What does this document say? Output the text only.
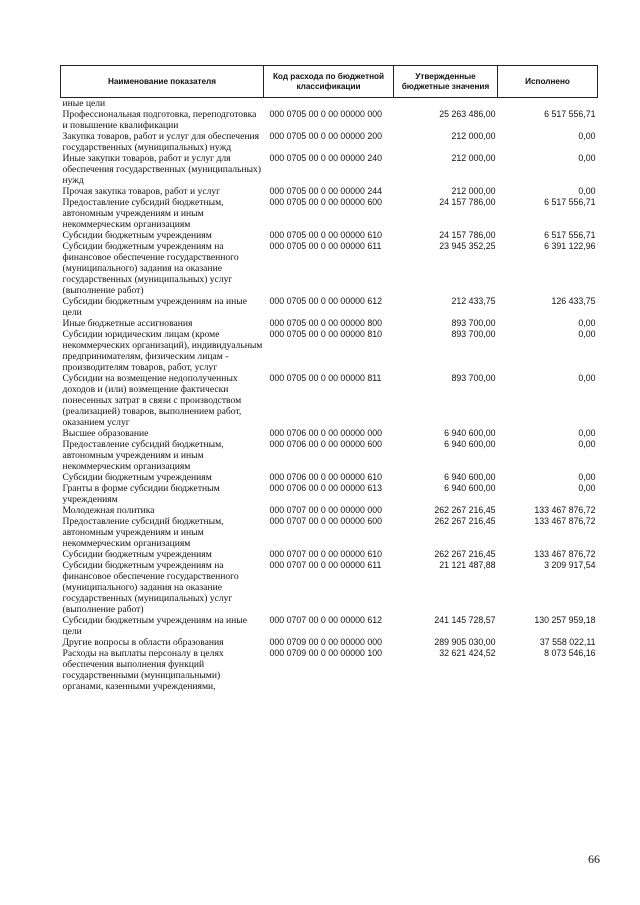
Наименование показателя	Код расхода по бюджетной классификации	Утвержденные бюджетные значения	Исполнено
иные цели			
Профессиональная подготовка, переподготовка и повышение квалификации	000 0705 00 0 00 00000 000	25 263 486,00	6 517 556,71
Закупка товаров, работ и услуг для обеспечения государственных (муниципальных) нужд	000 0705 00 0 00 00000 200	212 000,00	0,00
Иные закупки товаров, работ и услуг для обеспечения государственных (муниципальных) нужд	000 0705 00 0 00 00000 240	212 000,00	0,00
Прочая закупка товаров, работ и услуг	000 0705 00 0 00 00000 244	212 000,00	0,00
Предоставление субсидий бюджетным, автономным учреждениям и иным некоммерческим организациям	000 0705 00 0 00 00000 600	24 157 786,00	6 517 556,71
Субсидии бюджетным учреждениям	000 0705 00 0 00 00000 610	24 157 786,00	6 517 556,71
Субсидии бюджетным учреждениям на финансовое обеспечение государственного (муниципального) задания на оказание государственных (муниципальных) услуг (выполнение работ)	000 0705 00 0 00 00000 611	23 945 352,25	6 391 122,96
Субсидии бюджетным учреждениям на иные цели	000 0705 00 0 00 00000 612	212 433,75	126 433,75
Иные бюджетные ассигнования	000 0705 00 0 00 00000 800	893 700,00	0,00
Субсидии юридическим лицам (кроме некоммерческих организаций), индивидуальным предпринимателям, физическим лицам - производителям товаров, работ, услуг	000 0705 00 0 00 00000 810	893 700,00	0,00
Субсидии на возмещение недополученных доходов и (или) возмещение фактически понесенных затрат в связи с производством (реализацией) товаров, выполнением работ, оказанием услуг	000 0705 00 0 00 00000 811	893 700,00	0,00
Высшее образование	000 0706 00 0 00 00000 000	6 940 600,00	0,00
Предоставление субсидий бюджетным, автономным учреждениям и иным некоммерческим организациям	000 0706 00 0 00 00000 600	6 940 600,00	0,00
Субсидии бюджетным учреждениям	000 0706 00 0 00 00000 610	6 940 600,00	0,00
Гранты в форме субсидии бюджетным учреждениям	000 0706 00 0 00 00000 613	6 940 600,00	0,00
Молодежная политика	000 0707 00 0 00 00000 000	262 267 216,45	133 467 876,72
Предоставление субсидий бюджетным, автономным учреждениям и иным некоммерческим организациям	000 0707 00 0 00 00000 600	262 267 216,45	133 467 876,72
Субсидии бюджетным учреждениям	000 0707 00 0 00 00000 610	262 267 216,45	133 467 876,72
Субсидии бюджетным учреждениям на финансовое обеспечение государственного (муниципального) задания на оказание государственных (муниципальных) услуг (выполнение работ)	000 0707 00 0 00 00000 611	21 121 487,88	3 209 917,54
Субсидии бюджетным учреждениям на иные цели	000 0707 00 0 00 00000 612	241 145 728,57	130 257 959,18
Другие вопросы в области образования	000 0709 00 0 00 00000 000	289 905 030,00	37 558 022,11
Расходы на выплаты персоналу в целях обеспечения выполнения функций государственными (муниципальными) органами, казенными учреждениями,	000 0709 00 0 00 00000 100	32 621 424,52	8 073 546,16
66
